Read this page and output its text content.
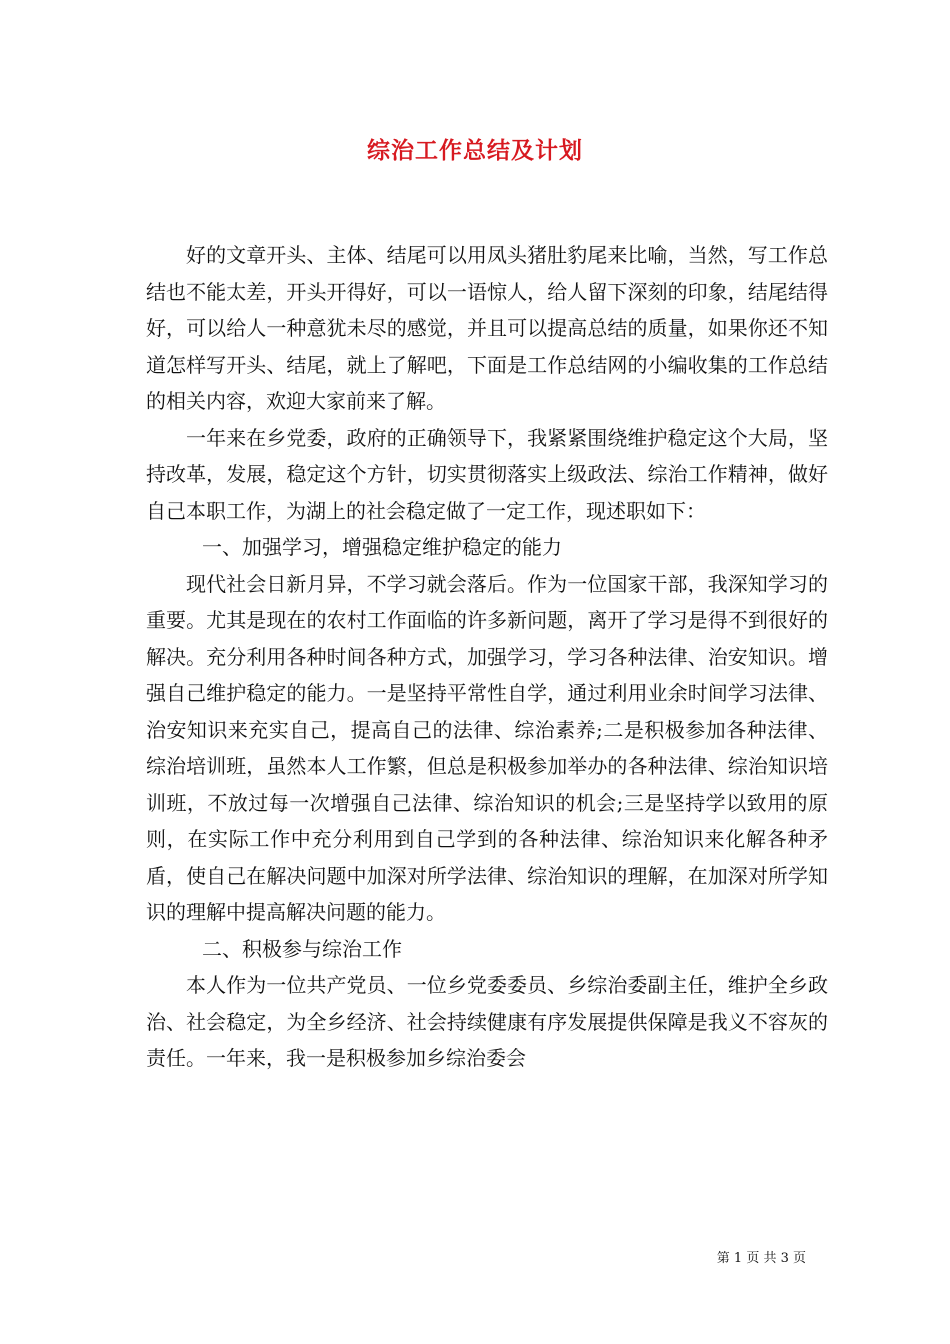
综治工作总结及计划

好的文章开头、主体、结尾可以用凤头猪肚豹尾来比喻，当然，写工作总结也不能太差，开头开得好，可以一语惊人，给人留下深刻的印象，结尾结得好，可以给人一种意犹未尽的感觉，并且可以提高总结的质量，如果你还不知道怎样写开头、结尾，就上了解吧，下面是工作总结网的小编收集的工作总结的相关内容，欢迎大家前来了解。

一年来在乡党委，政府的正确领导下，我紧紧围绕维护稳定这个大局，坚持改革，发展，稳定这个方针，切实贯彻落实上级政法、综治工作精神，做好自己本职工作，为湖上的社会稳定做了一定工作，现述职如下：

一、加强学习，增强稳定维护稳定的能力

现代社会日新月异，不学习就会落后。作为一位国家干部，我深知学习的重要。尤其是现在的农村工作面临的许多新问题，离开了学习是得不到很好的解决。充分利用各种时间各种方式，加强学习，学习各种法律、治安知识。增强自己维护稳定的能力。一是坚持平常性自学，通过利用业余时间学习法律、治安知识来充实自己，提高自己的法律、综治素养;二是积极参加各种法律、综治培训班，虽然本人工作繁，但总是积极参加举办的各种法律、综治知识培训班，不放过每一次增强自己法律、综治知识的机会;三是坚持学以致用的原则，在实际工作中充分利用到自己学到的各种法律、综治知识来化解各种矛盾，使自己在解决问题中加深对所学法律、综治知识的理解，在加深对所学知识的理解中提高解决问题的能力。

二、积极参与综治工作

本人作为一位共产党员、一位乡党委委员、乡综治委副主任，维护全乡政治、社会稳定，为全乡经济、社会持续健康有序发展提供保障是我义不容灰的责任。一年来，我一是积极参加乡综治委会

第 1 页 共 3 页
